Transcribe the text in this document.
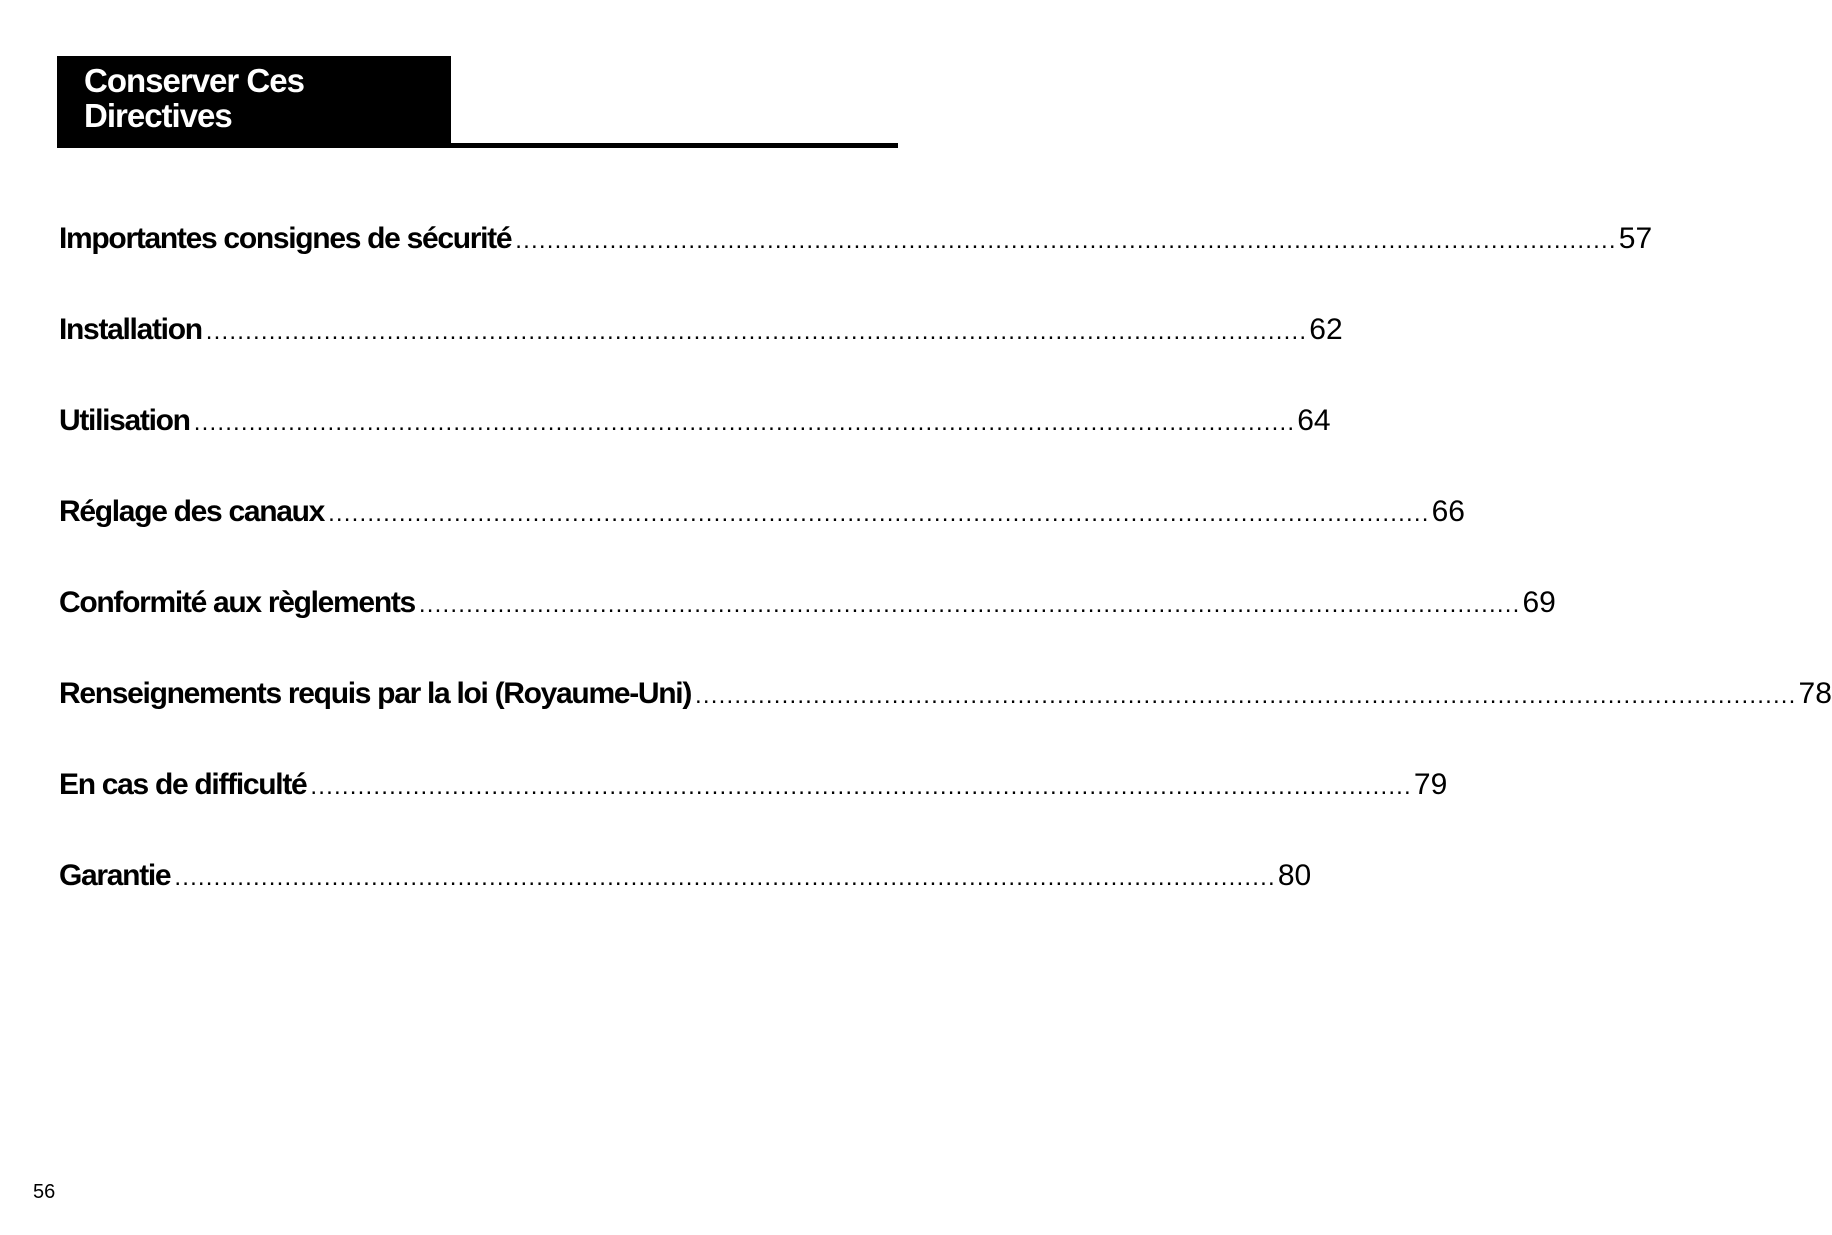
Conserver Ces
Directives
Importantes consignes de sécurité ............................................................................................................................................ 57
Installation ............................................................................................................................................ 62
Utilisation ............................................................................................................................................ 64
Réglage des canaux ............................................................................................................................................ 66
Conformité aux règlements ............................................................................................................................................ 69
Renseignements requis par la loi (Royaume-Uni) ............................................................................................................................................ 78
En cas de difficulté ............................................................................................................................................ 79
Garantie ............................................................................................................................................ 80
56
